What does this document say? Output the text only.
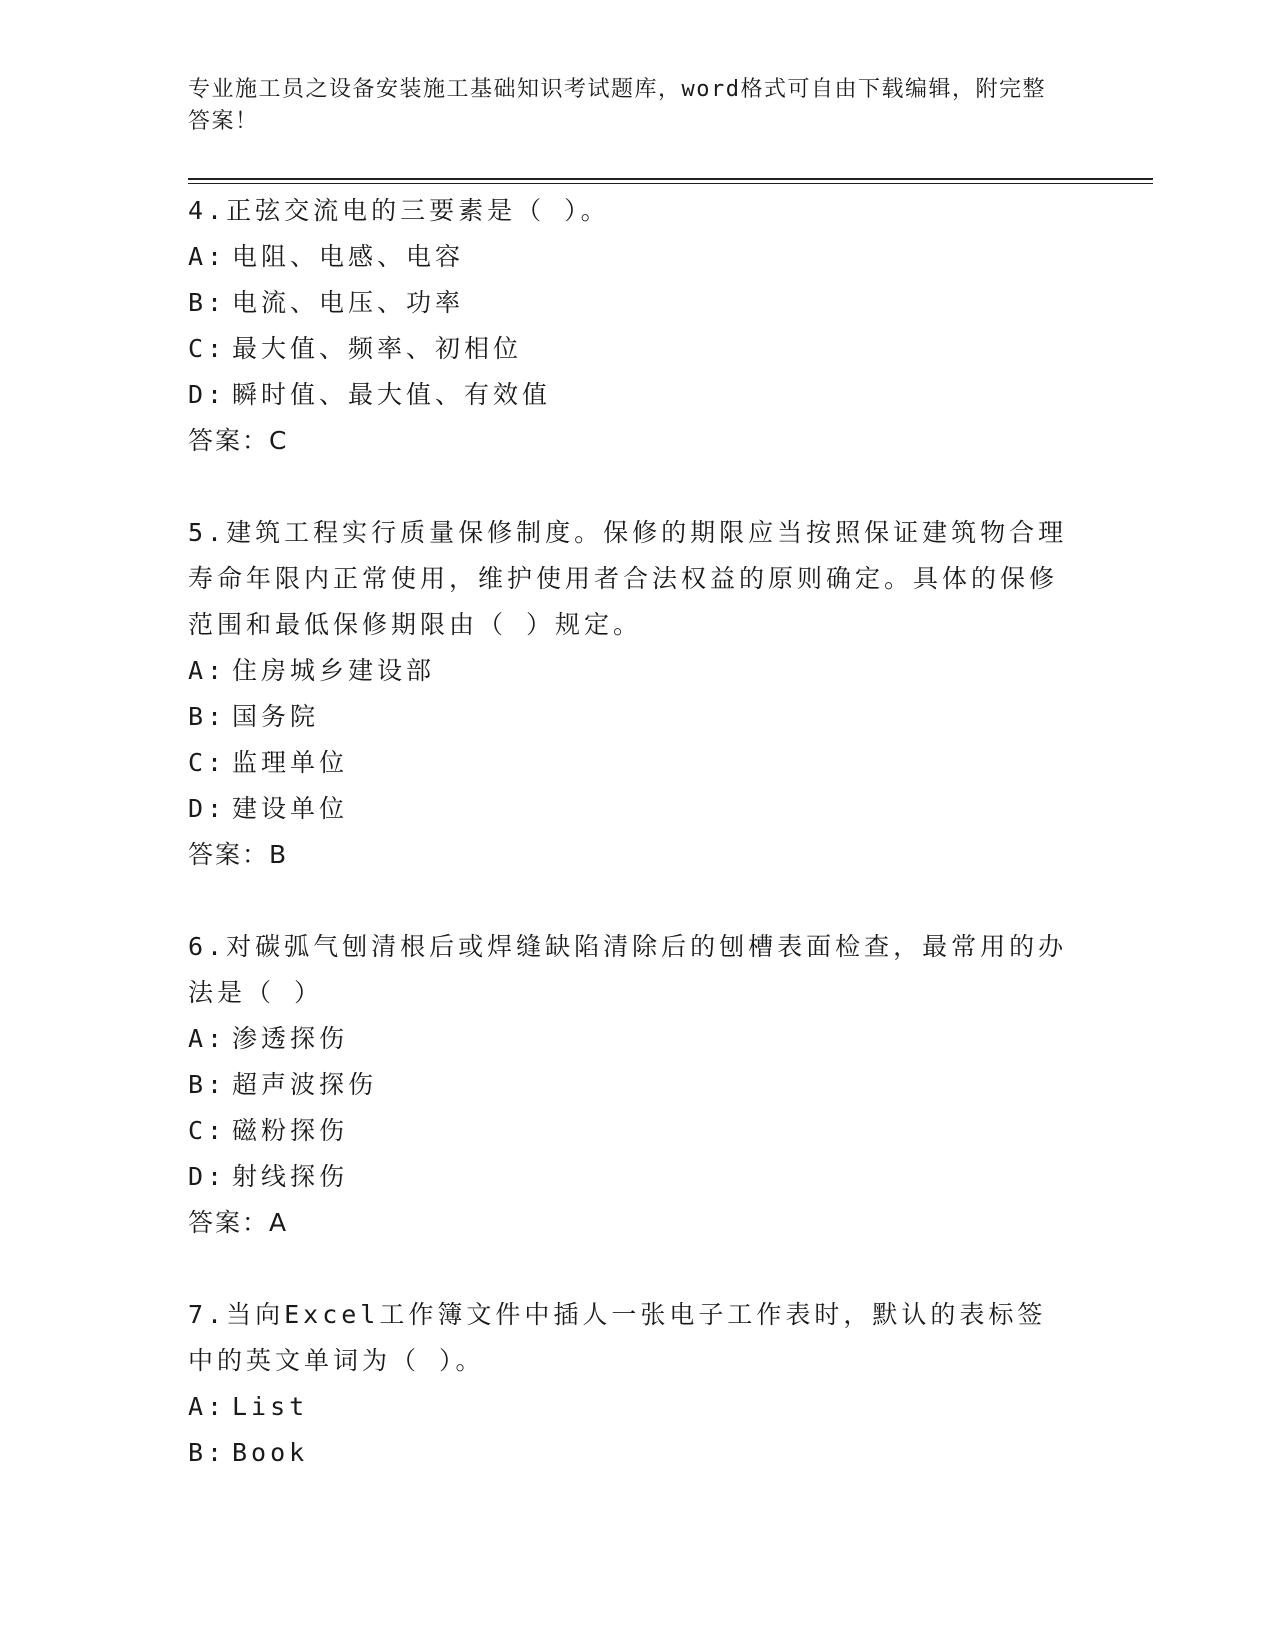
专业施工员之设备安装施工基础知识考试题库，word格式可自由下载编辑，附完整答案！
4.正弦交流电的三要素是（ ）。
A: 电阻、电感、电容
B: 电流、电压、功率
C: 最大值、频率、初相位
D: 瞬时值、最大值、有效值
答案：C
5.建筑工程实行质量保修制度。保修的期限应当按照保证建筑物合理寿命年限内正常使用，维护使用者合法权益的原则确定。具体的保修范围和最低保修期限由（ ）规定。
A: 住房城乡建设部
B: 国务院
C: 监理单位
D: 建设单位
答案：B
6.对碳弧气刨清根后或焊缝缺陷清除后的刨槽表面检查，最常用的办法是（ ）
A: 渗透探伤
B: 超声波探伤
C: 磁粉探伤
D: 射线探伤
答案：A
7.当向Excel工作簿文件中插人一张电子工作表时，默认的表标签中的英文单词为（ ）。
A: List
B: Book
